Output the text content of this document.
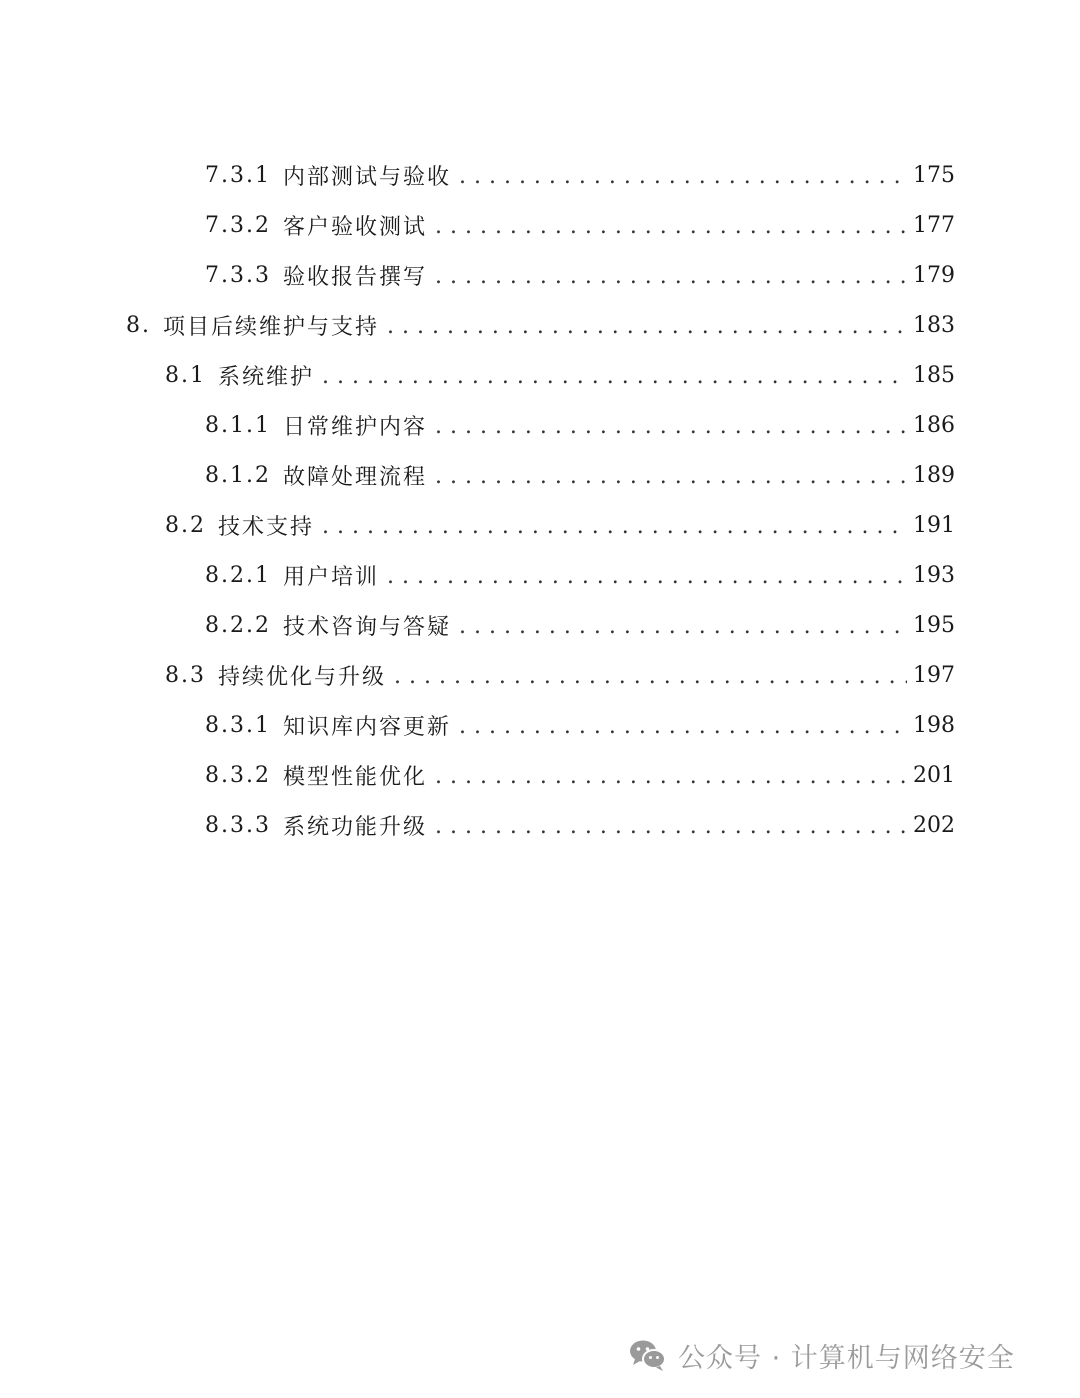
7.3.1 内部测试与验收 . . .	175
7.3.2 客户验收测试 . . .	177
7.3.3 验收报告撰写 . . .	179
8. 项目后续维护与支持 . . .	183
8.1 系统维护 . . .	185
8.1.1 日常维护内容 . . .	186
8.1.2 故障处理流程 . . .	189
8.2 技术支持 . . .	191
8.2.1 用户培训 . . .	193
8.2.2 技术咨询与答疑 . . .	195
8.3 持续优化与升级 . . .	197
8.3.1 知识库内容更新 . . .	198
8.3.2 模型性能优化 . . .	201
8.3.3 系统功能升级 . . .	202
公众号 · 计算机与网络安全
